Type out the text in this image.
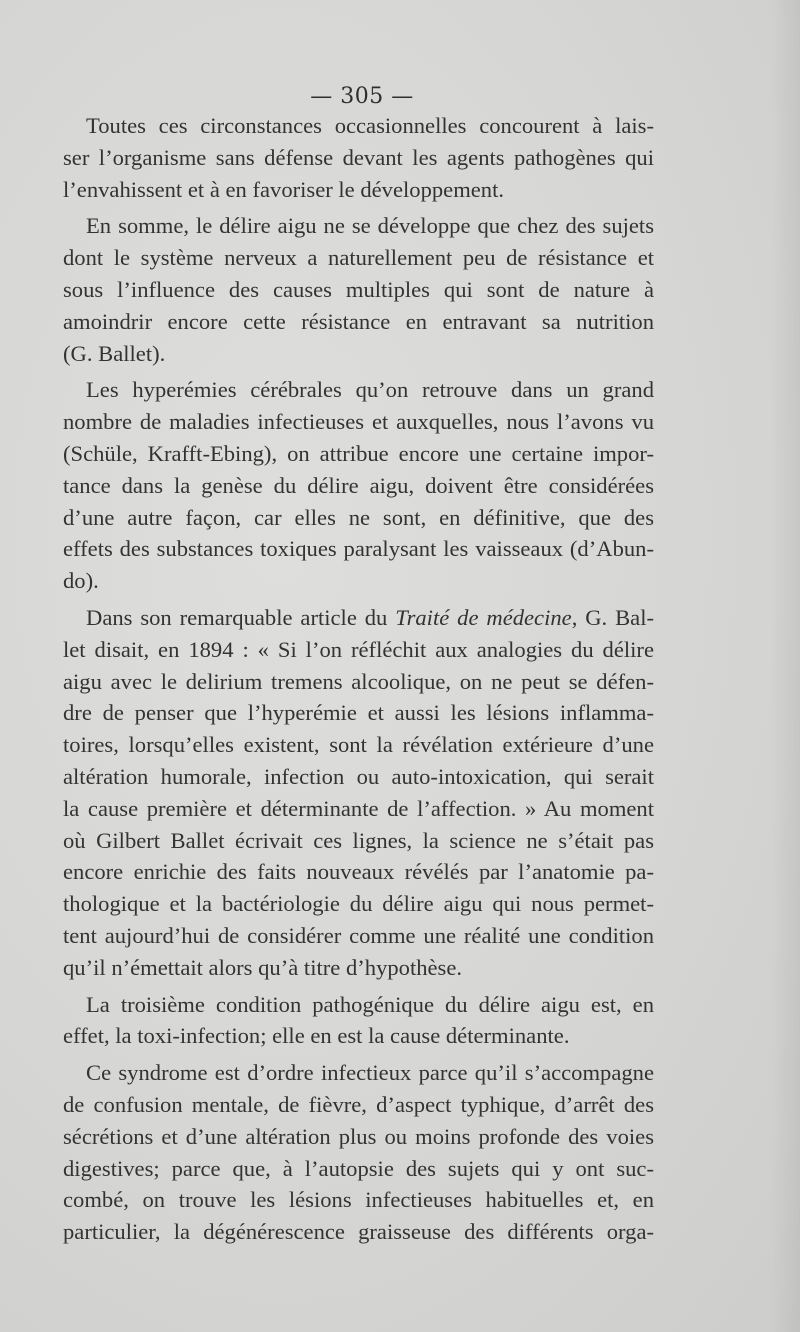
— 305 —
Toutes ces circonstances occasionnelles concourent à lais-
ser l’organisme sans défense devant les agents pathogènes qui
l’envahissent et à en favoriser le développement.
En somme, le délire aigu ne se développe que chez des sujets
dont le système nerveux a naturellement peu de résistance et
sous l’influence des causes multiples qui sont de nature à
amoindrir encore cette résistance en entravant sa nutrition
(G. Ballet).
Les hyperémies cérébrales qu’on retrouve dans un grand
nombre de maladies infectieuses et auxquelles, nous l’avons vu
(Schüle, Krafft-Ebing), on attribue encore une certaine impor-
tance dans la genèse du délire aigu, doivent être considérées
d’une autre façon, car elles ne sont, en définitive, que des
effets des substances toxiques paralysant les vaisseaux (d’Abun-
do).
Dans son remarquable article du Traité de médecine, G. Bal-
let disait, en 1894 : « Si l’on réfléchit aux analogies du délire
aigu avec le delirium tremens alcoolique, on ne peut se défen-
dre de penser que l’hyperémie et aussi les lésions inflamma-
toires, lorsqu’elles existent, sont la révélation extérieure d’une
altération humorale, infection ou auto-intoxication, qui serait
la cause première et déterminante de l’affection. » Au moment
où Gilbert Ballet écrivait ces lignes, la science ne s’était pas
encore enrichie des faits nouveaux révélés par l’anatomie pa-
thologique et la bactériologie du délire aigu qui nous permet-
tent aujourd’hui de considérer comme une réalité une condition
qu’il n’émettait alors qu’à titre d’hypothèse.
La troisième condition pathogénique du délire aigu est, en
effet, la toxi-infection; elle en est la cause déterminante.
Ce syndrome est d’ordre infectieux parce qu’il s’accompagne
de confusion mentale, de fièvre, d’aspect typhique, d’arrêt des
sécrétions et d’une altération plus ou moins profonde des voies
digestives; parce que, à l’autopsie des sujets qui y ont suc-
combé, on trouve les lésions infectieuses habituelles et, en
particulier, la dégénérescence graisseuse des différents orga-
